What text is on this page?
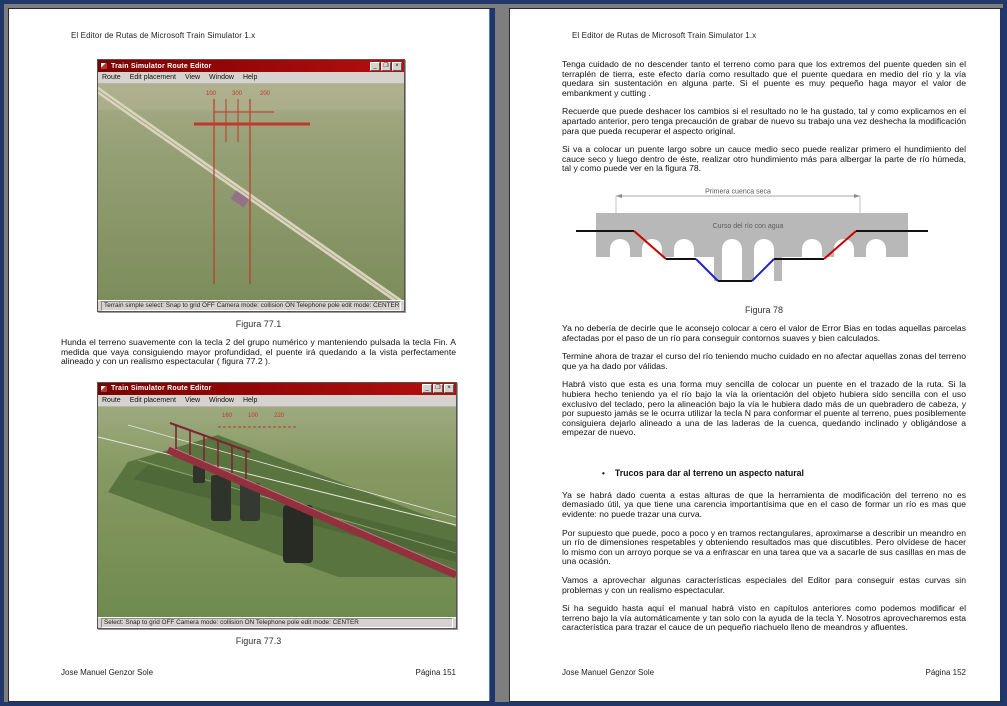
El Editor de Rutas de Microsoft Train Simulator 1.x
Train Simulator Route Editor	_	❐	×
Route Edit placement View Window Help
100	300	200
Terrain simple select: Snap to grid OFF Camera mode: collision ON Telephone pole edit mode: CENTER
Figura 77.1

Hunda el terreno suavemente con la tecla 2 del grupo numérico y manteniendo pulsada la tecla Fin. A medida que vaya consiguiendo mayor profundidad, el puente irá quedando a la vista perfectamente alineado y con un realismo espectacular ( figura 77.2 ).

Train Simulator Route Editor	_	❐	×
Route Edit placement View Window Help
160	100	220
Select: Snap to grid OFF Camera mode: collision ON Telephone pole edit mode: CENTER
Figura 77.3
Jose Manuel Genzor Sole	Página 151
El Editor de Rutas de Microsoft Train Simulator 1.x

Tenga cuidado de no descender tanto el terreno como para que los extremos del puente queden sin el terraplén de tierra, este efecto daría como resultado que el puente quedara en medio del río y la vía quedara sin sustentación en alguna parte. Si el puente es muy pequeño haga mayor el valor de embankment y cutting .

Recuerde que puede deshacer los cambios si el resultado no le ha gustado, tal y como explicamos en el apartado anterior, pero tenga precaución de grabar de nuevo su trabajo una vez deshecha la modificación para que pueda recuperar el aspecto original.

Si va a colocar un puente largo sobre un cauce medio seco puede realizar primero el hundimiento del cauce seco y luego dentro de éste, realizar otro hundimiento más para albergar la parte de río húmeda, tal y como puede ver en la figura 78.

Primera cuenca seca
Curso del río con agua
Figura 78

Ya no debería de decirle que le aconsejo colocar a cero el valor de Error Bias en todas aquellas parcelas afectadas por el paso de un río para conseguir contornos suaves y bien calculados.

Termine ahora de trazar el curso del río teniendo mucho cuidado en no afectar aquellas zonas del terreno que ya ha dado por válidas.

Habrá visto que esta es una forma muy sencilla de colocar un puente en el trazado de la ruta. Si la hubiera hecho teniendo ya el río bajo la vía la orientación del objeto hubiera sido sencilla con el uso exclusivo del teclado, pero la alineación bajo la vía le hubiera dado más de un quebradero de cabeza, y por supuesto jamás se le ocurra utilizar la tecla N para conformar el puente al terreno, pues posiblemente consiguiera dejarlo alineado a una de las laderas de la cuenca, quedando inclinado y obligándose a empezar de nuevo.

• Trucos para dar al terreno un aspecto natural

Ya se habrá dado cuenta a estas alturas de que la herramienta de modificación del terreno no es demasiado útil, ya que tiene una carencia importantísima que en el caso de formar un río es mas que evidente: no puede trazar una curva.

Por supuesto que puede, poco a poco y en tramos rectangulares, aproximarse a describir un meandro en un río de dimensiones respetables y obteniendo resultados mas que discutibles. Pero olvídese de hacer lo mismo con un arroyo porque se va a enfrascar en una tarea que va a sacarle de sus casillas en mas de una ocasión.

Vamos a aprovechar algunas características especiales del Editor para conseguir estas curvas sin problemas y con un realismo espectacular.

Si ha seguido hasta aquí el manual habrá visto en capítulos anteriores como podemos modificar el terreno bajo la vía automáticamente y tan solo con la ayuda de la tecla Y. Nosotros aprovecharemos esta característica para trazar el cauce de un pequeño riachuelo lleno de meandros y afluentes.

Jose Manuel Genzor Sole	Página 152
